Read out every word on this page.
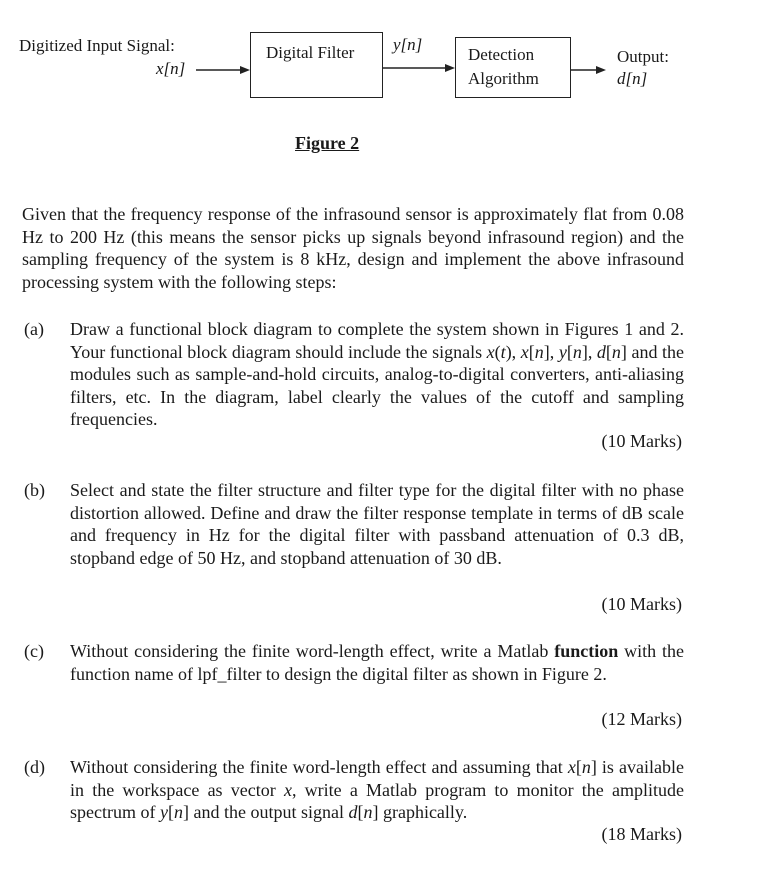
Digitized Input Signal:
x[n]
Digital Filter y[n]
Detection
Algorithm
Output:
d[n]
Figure 2
Given that the frequency response of the infrasound sensor is approximately flat from 0.08 Hz to 200 Hz (this means the sensor picks up signals beyond infrasound region) and the sampling frequency of the system is 8 kHz, design and implement the above infrasound processing system with the following steps:
(a) Draw a functional block diagram to complete the system shown in Figures 1 and 2. Your functional block diagram should include the signals x(t), x[n], y[n], d[n] and the modules such as sample-and-hold circuits, analog-to-digital converters, anti-aliasing filters, etc. In the diagram, label clearly the values of the cutoff and sampling frequencies.
(10 Marks)
(b) Select and state the filter structure and filter type for the digital filter with no phase distortion allowed. Define and draw the filter response template in terms of dB scale and frequency in Hz for the digital filter with passband attenuation of 0.3 dB, stopband edge of 50 Hz, and stopband attenuation of 30 dB.
(10 Marks)
(c) Without considering the finite word-length effect, write a Matlab function with the function name of lpf_filter to design the digital filter as shown in Figure 2.
(12 Marks)
(d) Without considering the finite word-length effect and assuming that x[n] is available in the workspace as vector x, write a Matlab program to monitor the amplitude spectrum of y[n] and the output signal d[n] graphically.
(18 Marks)
